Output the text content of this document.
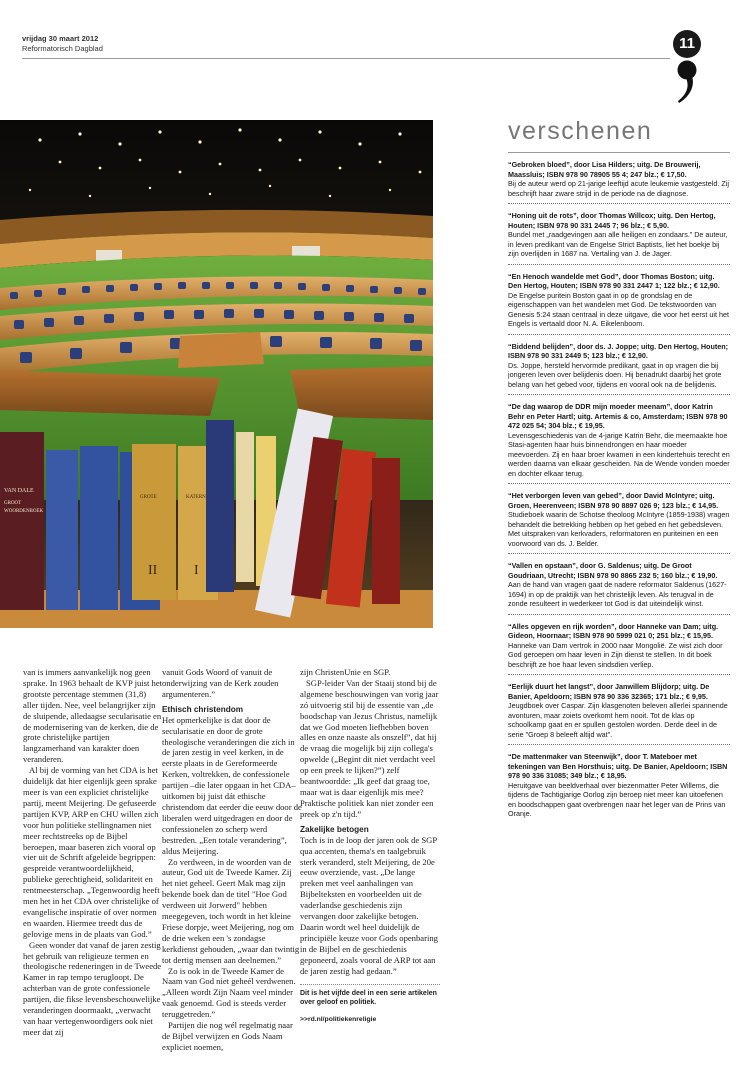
vrijdag 30 maart 2012
Reformatorisch Dagblad	11
VAN DALE
GROOT
WOORDENBOEK
GROTE	KATERN
II	I

van is immers aanvankelijk nog geen sprake. In 1963 behaalt de KVP juist het grootste percentage stemmen (31,8) aller tijden. Nee, veel belangrijker zijn de sluipende, alledaagse secularisatie en de modernisering van de kerken, die de grote christelijke partijen langzamerhand van karakter doen veranderen.

Al bij de vorming van het CDA is het duidelijk dat hier eigenlijk geen sprake meer is van een expliciet christelijke partij, meent Meijering. De gefuseerde partijen KVP, ARP en CHU willen zich voor hun politieke stellingnamen niet meer rechtstreeks op de Bijbel beroepen, maar baseren zich vooral op vier uit de Schrift afgeleide begrippen: gespreide verantwoordelijkheid, publieke gerechtigheid, solidariteit en rentmeesterschap. „Tegenwoordig heeft men het in het CDA over christelijke of evangelische inspiratie of over normen en waarden. Hiermee treedt dus de gelovige mens in de plaats van God.”

Geen wonder dat vanaf de jaren zestig het gebruik van religieuze termen en theologische redeneringen in de Tweede Kamer in rap tempo terugloopt. De achterban van de grote confessionele partijen, die fikse levensbeschouwelijke veranderingen doormaakt, „verwacht van haar vertegenwoordigers ook niet meer dat zij

vanuit Gods Woord of vanuit de onderwijzing van de Kerk zouden argumenteren.”

Ethisch christendom

Het opmerkelijke is dat door de secularisatie en door de grote theologische veranderingen die zich in de jaren zestig in veel kerken, in de eerste plaats in de Gereformeerde Kerken, voltrekken, de confessionele partijen –die later opgaan in het CDA– uitkomen bij juist dát ethische christendom dat eerder die eeuw door de liberalen werd uitgedragen en door de confessionelen zo scherp werd bestreden. „Een totale verandering”, aldus Meijering.

Zo verdween, in de woorden van de auteur, God uit de Tweede Kamer. Zij het niet geheel. Geert Mak mag zijn bekende boek dan de titel "Hoe God verdween uit Jorwerd" hebben meegegeven, toch wordt in het kleine Friese dorpje, weet Meijering, nog om de drie weken een 's zondagse kerkdienst gehouden, „waar dan twintig tot dertig mensen aan deelnemen.”

Zo is ook in de Tweede Kamer de Naam van God niet geheél verdwenen. „Alleen wordt Zijn Naam veel minder vaak genoemd. God is steeds verder teruggetreden.”

Partijen die nog wél regelmatig naar de Bijbel verwijzen en Gods Naam expliciet noemen,

zijn ChristenUnie en SGP.

SGP-leider Van der Staaij stond bij de algemene beschouwingen van vorig jaar zó uitvoerig stil bij de essentie van „de boodschap van Jezus Christus, namelijk dat we God moeten liefhebben boven alles en onze naaste als onszelf”, dat hij de vraag die mogelijk bij zijn collega's opwelde („Begint dit niet verdacht veel op een preek te lijken?”) zelf beantwoordde: „Ik geef dat graag toe, maar wat is daar eigenlijk mis mee? Praktische politiek kan niet zonder een preek op z'n tijd.”

Zakelijke betogen

Toch is in de loop der jaren ook de SGP qua accenten, thema's en taalgebruik sterk veranderd, stelt Meijering, de 20e eeuw overziende, vast. „De lange preken met veel aanhalingen van Bijbelteksten en voorbeelden uit de vaderlandse geschiedenis zijn vervangen door zakelijke betogen. Daarin wordt wel heel duidelijk de principiële keuze voor Gods openbaring in de Bijbel en de geschiedenis geponeerd, zoals vooral de ARP tot aan de jaren zestig had gedaan.”

Dit is het vijfde deel in een serie artikelen over geloof en politiek.
>>rd.nl/politiekenreligie
verschenen
“Gebroken bloed”, door Lisa Hilders; uitg. De Brouwerij, Maassluis; ISBN 978 90 78905 55 4; 247 blz.; € 17,50.
Bij de auteur werd op 21-jarige leeftijd acute leukemie vastgesteld. Zij beschrijft haar zware strijd in de periode na de diagnose.
“Honing uit de rots”, door Thomas Willcox; uitg. Den Hertog, Houten; ISBN 978 90 331 2445 7; 96 blz.; € 5,90.
Bundel met „raadgevingen aan alle heiligen en zondaars.” De auteur, in leven predikant van de Engelse Strict Baptists, liet het boekje bij zijn overlijden in 1687 na. Vertaling van J. de Jager.
“En Henoch wandelde met God”, door Thomas Boston; uitg. Den Hertog, Houten; ISBN 978 90 331 2447 1; 122 blz.; € 12,90.
De Engelse puritein Boston gaat in op de grondslag en de eigenschappen van het wandelen met God. De tekstwoorden van Genesis 5:24 staan centraal in deze uitgave, die voor het eerst uit het Engels is vertaald door N. A. Eikelenboom.
“Biddend belijden”, door ds. J. Joppe; uitg. Den Hertog, Houten; ISBN 978 90 331 2449 5; 123 blz.; € 12,90.
Ds. Joppe, hersteld hervormde predikant, gaat in op vragen die bij jongeren leven over belijdenis doen. Hij benadrukt daarbij het grote belang van het gebed voor, tijdens en vooral ook na de belijdenis.
“De dag waarop de DDR mijn moeder meenam”, door Katrin Behr en Peter Hartl; uitg. Artemis & co, Amsterdam; ISBN 978 90 472 025 54; 304 blz.; € 19,95.
Levensgeschiedenis van de 4-jarige Katrin Behr, die meemaakte hoe Stasi-agenten haar huis binnendrongen en haar moeder meevoerden. Zij en haar broer kwamen in een kindertehuis terecht en werden daarna van elkaar gescheiden. Na de Wende vonden moeder en dochter elkaar terug.
“Het verborgen leven van gebed”, door David McIntyre; uitg. Groen, Heerenveen; ISBN 978 90 8897 026 9; 123 blz.; € 14,95.
Studieboek waarin de Schotse theoloog McIntyre (1859-1938) vragen behandelt die betrekking hebben op het gebed en het gebedsleven. Met uitspraken van kerkvaders, reformatoren en puriteinen en een voorwoord van ds. J. Belder.
“Vallen en opstaan”, door G. Saldenus; uitg. De Groot Goudriaan, Utrecht; ISBN 978 90 8865 232 5; 160 blz.; € 19,90.
Aan de hand van vragen gaat de nadere reformator Saldenus (1627-1694) in op de praktijk van het christelijk leven. Als terugval in de zonde resulteert in wederkeer tot God is dat uiteindelijk winst.
“Alles opgeven en rijk worden”, door Hanneke van Dam; uitg. Gideon, Hoornaar; ISBN 978 90 5999 021 0; 251 blz.; € 15,95.
Hanneke van Dam vertrok in 2000 naar Mongolië. Ze wist zich door God geroepen om haar leven in Zijn dienst te stellen. In dit boek beschrijft ze hoe haar leven sindsdien verliep.
“Eerlijk duurt het langst”, door Janwillem Blijdorp; uitg. De Banier, Apeldoorn; ISBN 978 90 336 32365; 171 blz.; € 9,95.
Jeugdboek over Caspar. Zijn klasgenoten beleven allerlei spannende avonturen, maar zoiets overkomt hem nooit. Tot de klas op schoolkamp gaat en er spullen gestolen worden. Derde deel in de serie "Groep 8 beleeft altijd wat".
“De mattenmaker van Steenwijk”, door T. Mateboer met tekeningen van Ben Horsthuis; uitg. De Banier, Apeldoorn; ISBN 978 90 336 31085; 349 blz.; € 18,95.
Heruitgave van beeldverhaal over biezenmatter Peter Willems, die tijdens de Tachtigjarige Oorlog zijn beroep niet meer kan uitoefenen en boodschappen gaat overbrengen naar het leger van de Prins van Oranje.
